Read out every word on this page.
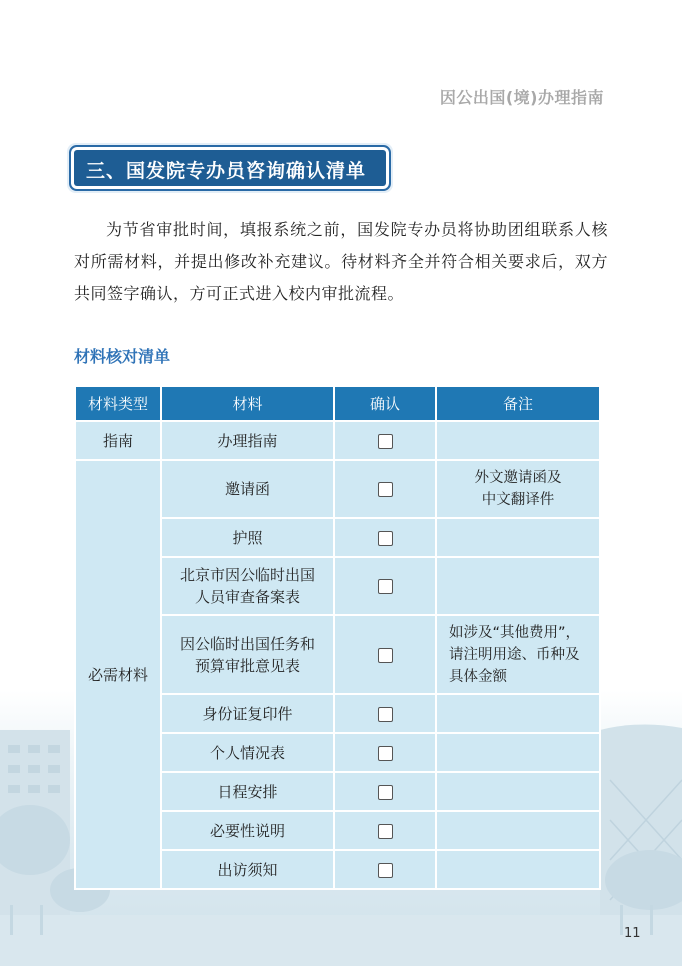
因公出国(境)办理指南
三、国发院专办员咨询确认清单

为节省审批时间，填报系统之前，国发院专办员将协助团组联系人核对所需材料，并提出修改补充建议。待材料齐全并符合相关要求后，双方共同签字确认，方可正式进入校内审批流程。

材料核对清单
材料类型	材料	确认	备注
指南	办理指南		
必需材料	邀请函		外文邀请函及
中文翻译件
	护照		
	北京市因公临时出国
人员审查备案表		
	因公临时出国任务和
预算审批意见表		如涉及“其他费用”，
请注明用途、币种及
具体金额
	身份证复印件		
	个人情况表		
	日程安排		
	必要性说明		
	出访须知		
11
